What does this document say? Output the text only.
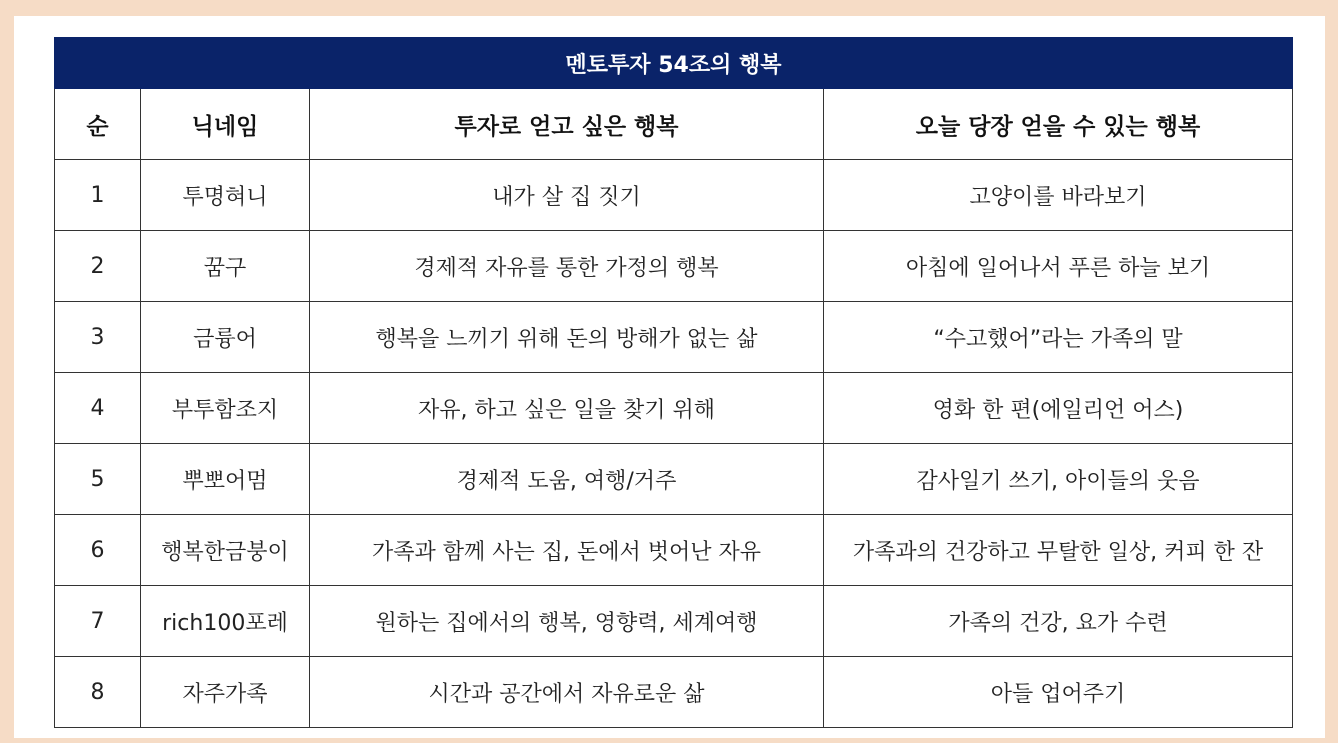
멘토투자 54조의 행복			
순	닉네임	투자로 얻고 싶은 행복	오늘 당장 얻을 수 있는 행복
1	투명혀니	내가 살 집 짓기	고양이를 바라보기
2	꿈구	경제적 자유를 통한 가정의 행복	아침에 일어나서 푸른 하늘 보기
3	금륭어	행복을 느끼기 위해 돈의 방해가 없는 삶	“수고했어”라는 가족의 말
4	부투함조지	자유, 하고 싶은 일을 찾기 위해	영화 한 편(에일리언 어스)
5	뿌뽀어멈	경제적 도움, 여행/거주	감사일기 쓰기, 아이들의 웃음
6	행복한금붕이	가족과 함께 사는 집, 돈에서 벗어난 자유	가족과의 건강하고 무탈한 일상, 커피 한 잔
7	rich100포레	원하는 집에서의 행복, 영향력, 세계여행	가족의 건강, 요가 수련
8	자주가족	시간과 공간에서 자유로운 삶	아들 업어주기
